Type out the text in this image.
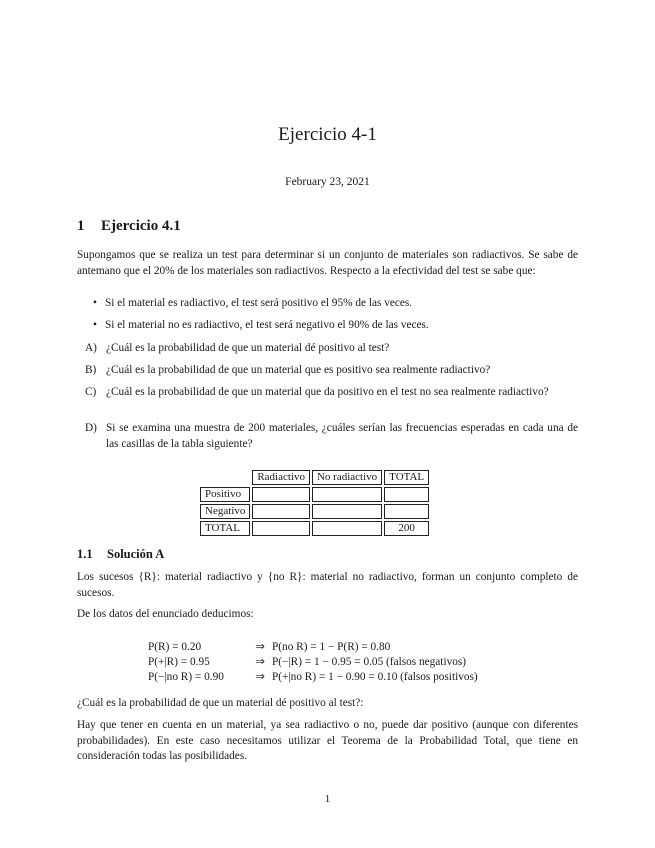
Ejercicio 4-1
February 23, 2021
1 Ejercicio 4.1

Supongamos que se realiza un test para determinar si un conjunto de materiales son radiactivos. Se sabe de antemano que el 20% de los materiales son radiactivos. Respecto a la efectividad del test se sabe que:

• Si el material es radiactivo, el test será positivo el 95% de las veces.
• Si el material no es radiactivo, el test será negativo el 90% de las veces.
A) ¿Cuál es la probabilidad de que un material dé positivo al test?
B) ¿Cuál es la probabilidad de que un material que es positivo sea realmente radiactivo?
C) ¿Cuál es la probabilidad de que un material que da positivo en el test no sea realmente radiactivo?
D) Si se examina una muestra de 200 materiales, ¿cuáles serían las frecuencias esperadas en cada una de las casillas de la tabla siguiente?
	Radiactivo	No radiactivo	TOTAL
Positivo			
Negativo			
TOTAL			200
1.1 Solución A

Los sucesos {R}: material radiactivo y {no R}: material no radiactivo, forman un conjunto completo de sucesos.

De los datos del enunciado deducimos:

P(R) = 0.20	⇒	P(no R) = 1 − P(R) = 0.80
P(+|R) = 0.95	⇒	P(−|R) = 1 − 0.95 = 0.05 (falsos negativos)
P(−|no R) = 0.90	⇒	P(+|no R) = 1 − 0.90 = 0.10 (falsos positivos)

¿Cuál es la probabilidad de que un material dé positivo al test?:

Hay que tener en cuenta en un material, ya sea radiactivo o no, puede dar positivo (aunque con diferentes probabilidades). En este caso necesitamos utilizar el Teorema de la Probabilidad Total, que tiene en consideración todas las posibilidades.

1
